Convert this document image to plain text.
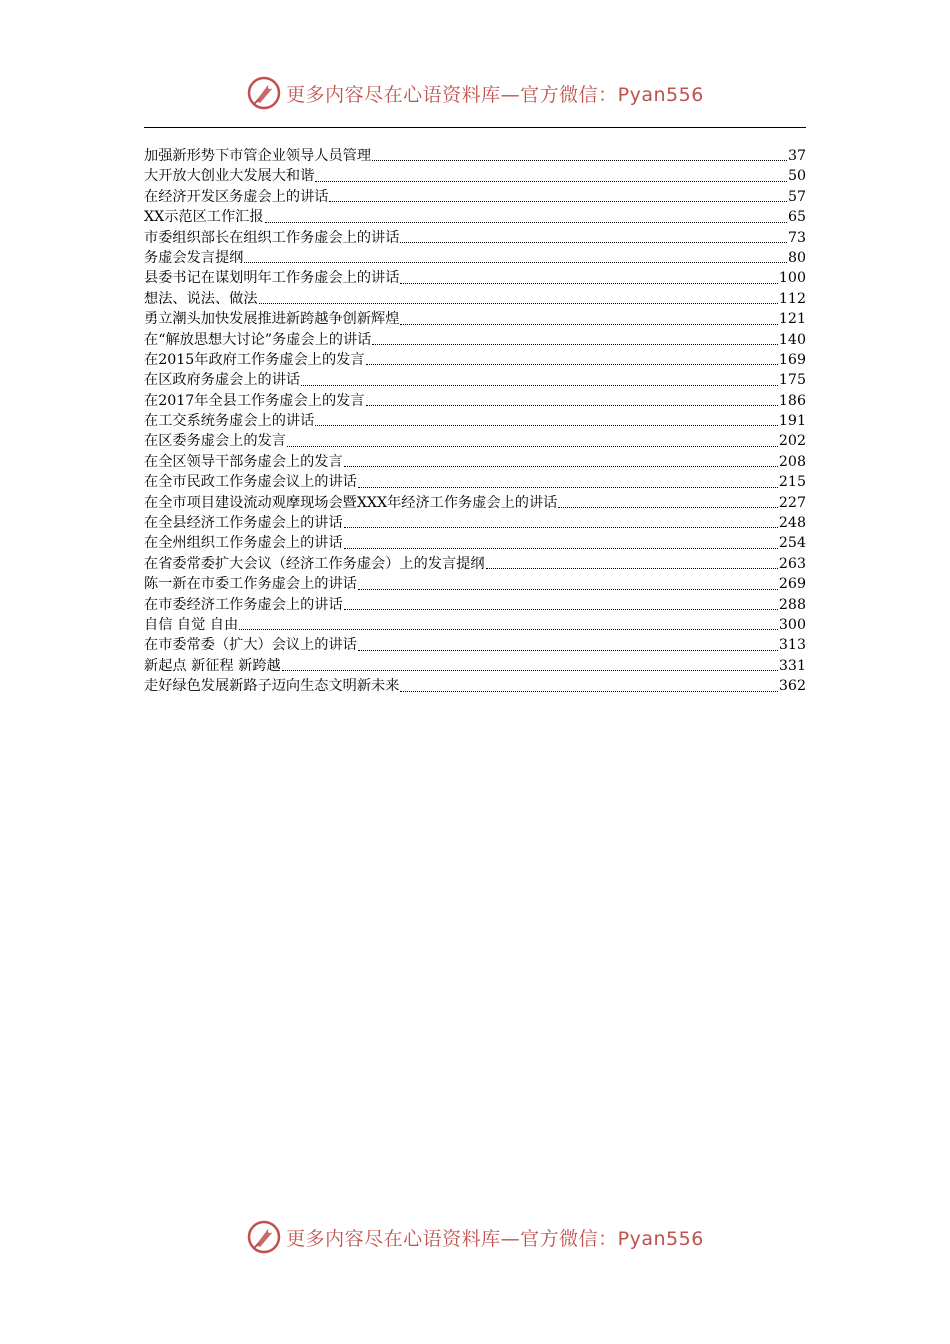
更多内容尽在心语资料库—官方微信：Pyan556
加强新形势下市管企业领导人员管理	37
大开放大创业大发展大和谐	50
在经济开发区务虚会上的讲话	57
XX示范区工作汇报	65
市委组织部长在组织工作务虚会上的讲话	73
务虚会发言提纲	80
县委书记在谋划明年工作务虚会上的讲话	100
想法、说法、做法	112
勇立潮头加快发展推进新跨越争创新辉煌	121
在“解放思想大讨论”务虚会上的讲话	140
在2015年政府工作务虚会上的发言	169
在区政府务虚会上的讲话	175
在2017年全县工作务虚会上的发言	186
在工交系统务虚会上的讲话	191
在区委务虚会上的发言	202
在全区领导干部务虚会上的发言	208
在全市民政工作务虚会议上的讲话	215
在全市项目建设流动观摩现场会暨XXX年经济工作务虚会上的讲话	227
在全县经济工作务虚会上的讲话	248
在全州组织工作务虚会上的讲话	254
在省委常委扩大会议（经济工作务虚会）上的发言提纲	263
陈一新在市委工作务虚会上的讲话	269
在市委经济工作务虚会上的讲话	288
自信 自觉 自由	300
在市委常委（扩大）会议上的讲话	313
新起点 新征程 新跨越	331
走好绿色发展新路子迈向生态文明新未来	362
更多内容尽在心语资料库—官方微信：Pyan556
